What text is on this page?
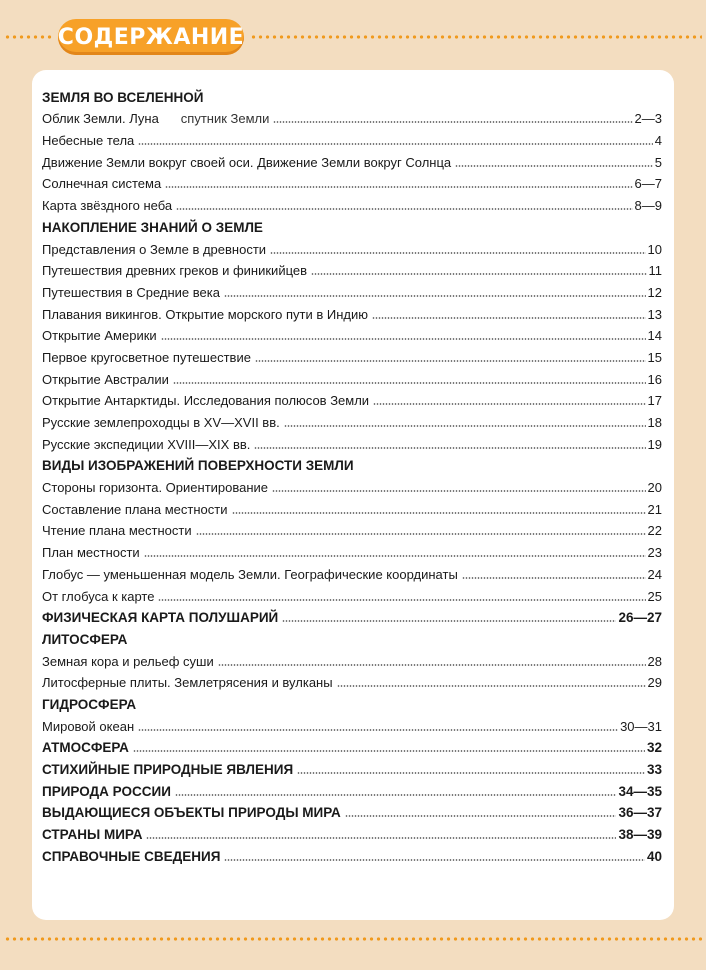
СОДЕРЖАНИЕ
ЗЕМЛЯ ВО ВСЕЛЕННОЙ
Облик Земли. Луна спутник Земли	2—3
Небесные тела	4
Движение Земли вокруг своей оси. Движение Земли вокруг Солнца	5
Солнечная система	6—7
Карта звёздного неба	8—9
НАКОПЛЕНИЕ ЗНАНИЙ О ЗЕМЛЕ
Представления о Земле в древности	10
Путешествия древних греков и финикийцев	11
Путешествия в Средние века	12
Плавания викингов. Открытие морского пути в Индию	13
Открытие Америки	14
Первое кругосветное путешествие	15
Открытие Австралии	16
Открытие Антарктиды. Исследования полюсов Земли	17
Русские землепроходцы в XV—XVII вв.	18
Русские экспедиции XVIII—XIX вв.	19
ВИДЫ ИЗОБРАЖЕНИЙ ПОВЕРХНОСТИ ЗЕМЛИ
Стороны горизонта. Ориентирование	20
Составление плана местности	21
Чтение плана местности	22
План местности	23
Глобус — уменьшенная модель Земли. Географические координаты	24
От глобуса к карте	25
ФИЗИЧЕСКАЯ КАРТА ПОЛУШАРИЙ	26—27
ЛИТОСФЕРА
Земная кора и рельеф суши	28
Литосферные плиты. Землетрясения и вулканы	29
ГИДРОСФЕРА
Мировой океан	30—31
АТМОСФЕРА	32
СТИХИЙНЫЕ ПРИРОДНЫЕ ЯВЛЕНИЯ	33
ПРИРОДА РОССИИ	34—35
ВЫДАЮЩИЕСЯ ОБЪЕКТЫ ПРИРОДЫ МИРА	36—37
СТРАНЫ МИРА	38—39
СПРАВОЧНЫЕ СВЕДЕНИЯ	40
